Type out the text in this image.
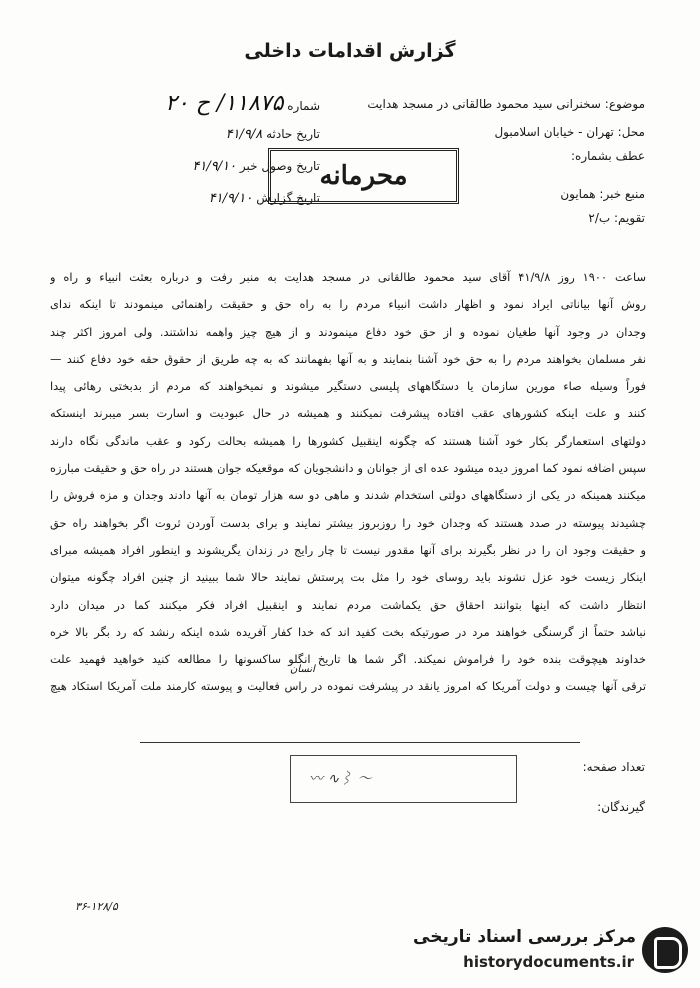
گزارش اقدامات داخلی
موضوع: سخنرانی سید محمود طالقانی در مسجد هدایت
محل: تهران - خیابان اسلامبول
عطف بشماره:
منبع خبر: همایون
تقویم: ب/۲
شماره ۱۱۸۷۵/ ح ۲۰
تاریخ حادثه ۴۱/۹/۸
تاریخ وصول خبر ۴۱/۹/۱۰
تاریخ گزارش ۴۱/۹/۱۰
محرمانه
ساعت ۱۹۰۰ روز ۴۱/۹/۸ آقای سید محمود طالقانی در مسجد هدایت به منبر رفت و درباره بعثت انبیاء و راه و
روش آنها بیاناتی ایراد نمود و اظهار داشت انبیاء مردم را به راه حق و حقیقت راهنمائی مینمودند تا اینکه ندای
وجدان در وجود آنها طغیان نموده و از حق خود دفاع مینمودند و از هیچ چیز واهمه نداشتند. ولی امروز اکثر چند
نفر مسلمان بخواهند مردم را به حق خود آشنا بنمایند و به آنها بفهمانند که به چه طریق از حقوق حقه خود دفاع کنند —
فوراً وسیله صاء مورین سازمان یا دستگاههای پلیسی دستگیر میشوند و نمیخواهند که مردم از بدبختی رهائی پیدا
کنند و علت اینکه کشورهای عقب افتاده پیشرفت نمیکنند و همیشه در حال عبودیت و اسارت بسر میبرند اینستکه
دولتهای استعمارگر بکار خود آشنا هستند که چگونه اینقبیل کشورها را همیشه بحالت رکود و عقب ماندگی نگاه دارند
سپس اضافه نمود کما امروز دیده میشود عده ای از جوانان و دانشجویان که موقعیکه جوان هستند در راه حق و حقیقت مبارزه
میکنند همینکه در یکی از دستگاههای دولتی استخدام شدند و ماهی دو سه هزار تومان به آنها دادند وجدان و مزه فروش را
چشیدند پیوسته در صدد هستند که وجدان خود را روزبروز بیشتر نمایند و برای بدست آوردن ثروت اگر بخواهند راه حق
و حقیقت وجود ان را در نظر بگیرند برای آنها مقدور نیست تا چار رایج در زندان یگریشوند و اینطور افراد همیشه مبرای
اینکار زیست خود عزل نشوند باید روسای خود را مثل بت پرستش نمایند حالا شما ببینید از چنین افراد چگونه میتوان
انتظار داشت که اینها بتوانند احقاق حق یکماشت مردم نمایند و اینقبیل افراد فکر میکنند کما در میدان دارد
نباشد حتماً از گرسنگی خواهند مرد در صورتیکه بخت کفید اند که خدا کفار آفریده شده اینکه رنشد که رد بگر بالا خره
خداوند هیچوقت بنده خود را فراموش نمیکند. اگر شما ها تاریخ انگلو ساکسونها را مطالعه کنید خواهید فهمید علت
ترقی آنها چیست و دولت آمریکا که امروز یانقد در پیشرفت نموده در راس فعالیت و پیوسته کارمند ملت آمریکا استکاد هیچ
انسان
تعداد صفحه:
گیرندگان:
〰 ∿⌇ 〜
۳۶-۱۲۸/۵
مرکز بررسی اسناد تاریخی
historydocuments.ir
